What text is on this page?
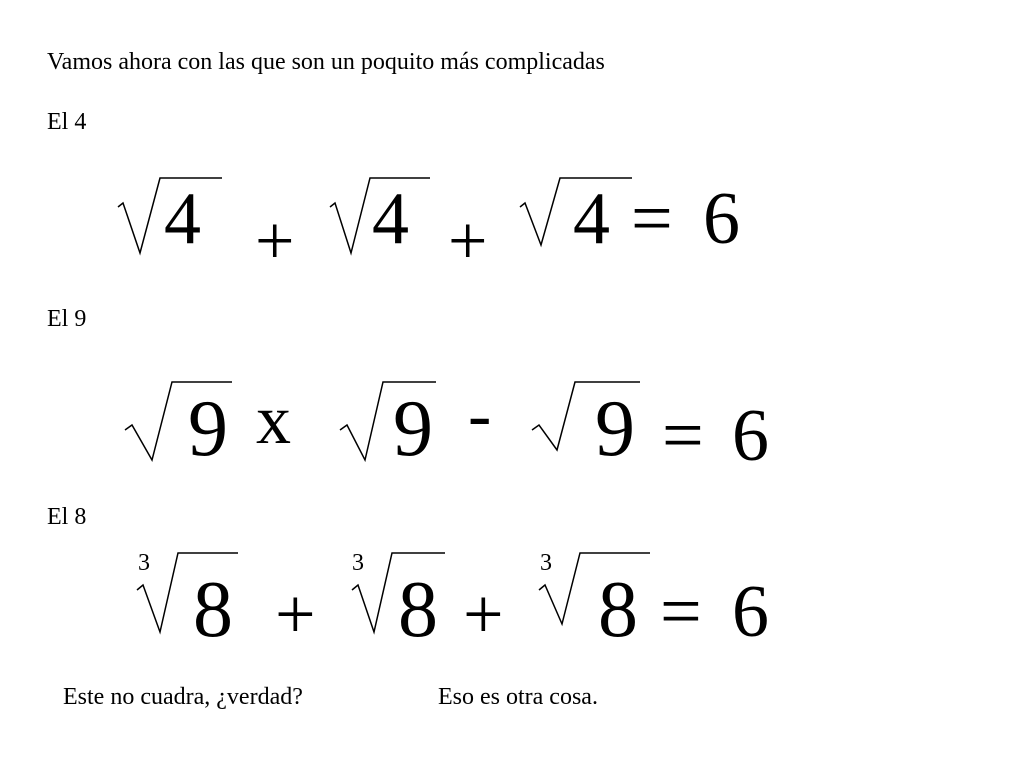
Vamos ahora con las que son un poquito más complicadas
El 4
El 9
El 8
Este no cuadra, ¿verdad?	Eso es otra cosa.
4 + 4 + 4 = 6
9 x 9 - 9 = 6
3
8 +
3
8 +
3
8 = 6
